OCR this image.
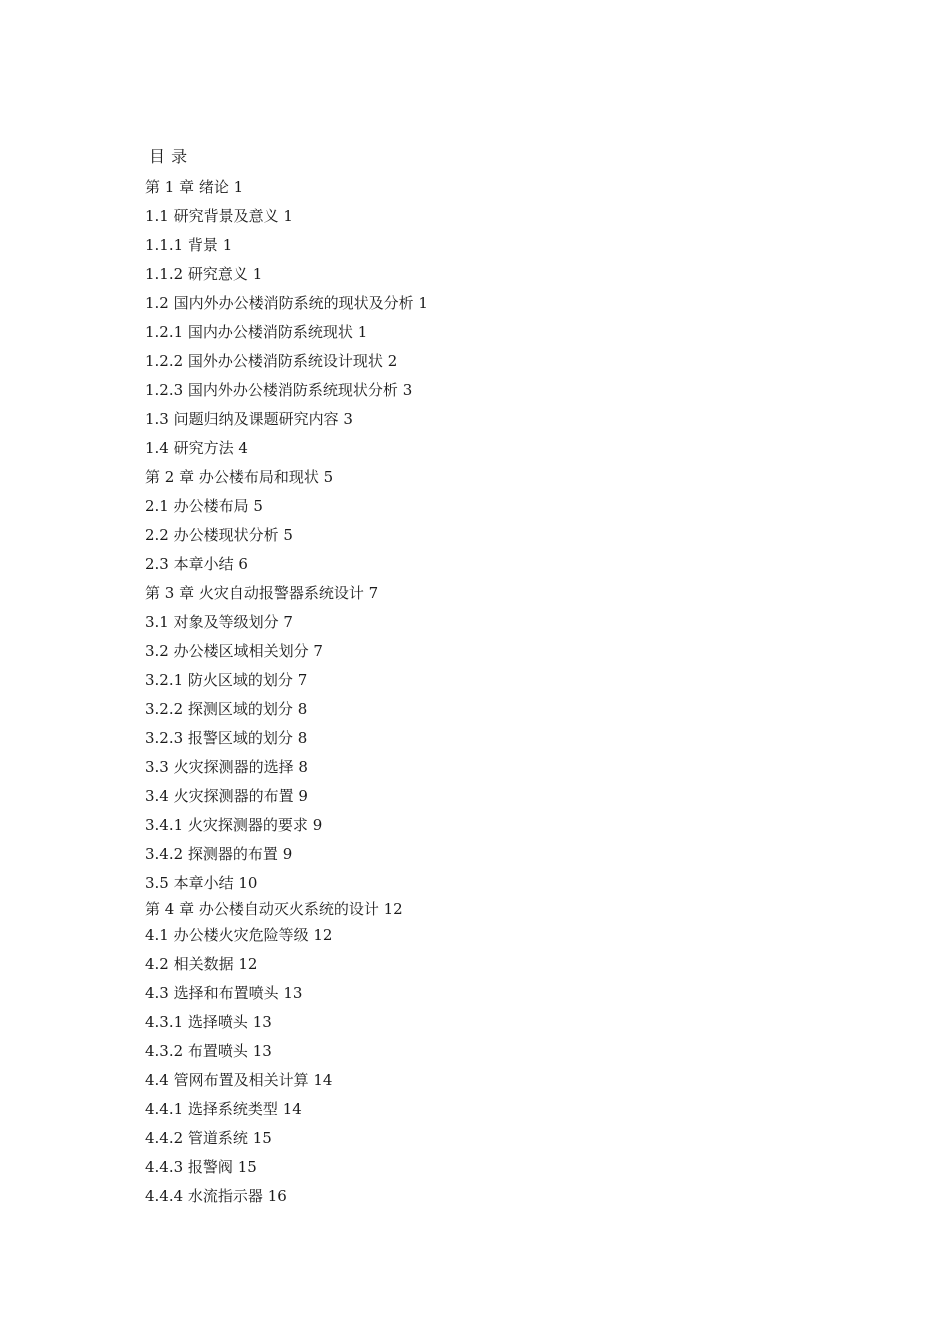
目 录
第 1 章 绪论 1
1.1 研究背景及意义 1
1.1.1 背景 1
1.1.2 研究意义 1
1.2 国内外办公楼消防系统的现状及分析 1
1.2.1 国内办公楼消防系统现状 1
1.2.2 国外办公楼消防系统设计现状 2
1.2.3 国内外办公楼消防系统现状分析 3
1.3 问题归纳及课题研究内容 3
1.4 研究方法 4
第 2 章 办公楼布局和现状 5
2.1 办公楼布局 5
2.2 办公楼现状分析 5
2.3 本章小结 6
第 3 章 火灾自动报警器系统设计 7
3.1 对象及等级划分 7
3.2 办公楼区域相关划分 7
3.2.1 防火区域的划分 7
3.2.2 探测区域的划分 8
3.2.3 报警区域的划分 8
3.3 火灾探测器的选择 8
3.4 火灾探测器的布置 9
3.4.1 火灾探测器的要求 9
3.4.2 探测器的布置 9
3.5 本章小结 10
第 4 章 办公楼自动灭火系统的设计 12
4.1 办公楼火灾危险等级 12
4.2 相关数据 12
4.3 选择和布置喷头 13
4.3.1 选择喷头 13
4.3.2 布置喷头 13
4.4 管网布置及相关计算 14
4.4.1 选择系统类型 14
4.4.2 管道系统 15
4.4.3 报警阀 15
4.4.4 水流指示器 16
